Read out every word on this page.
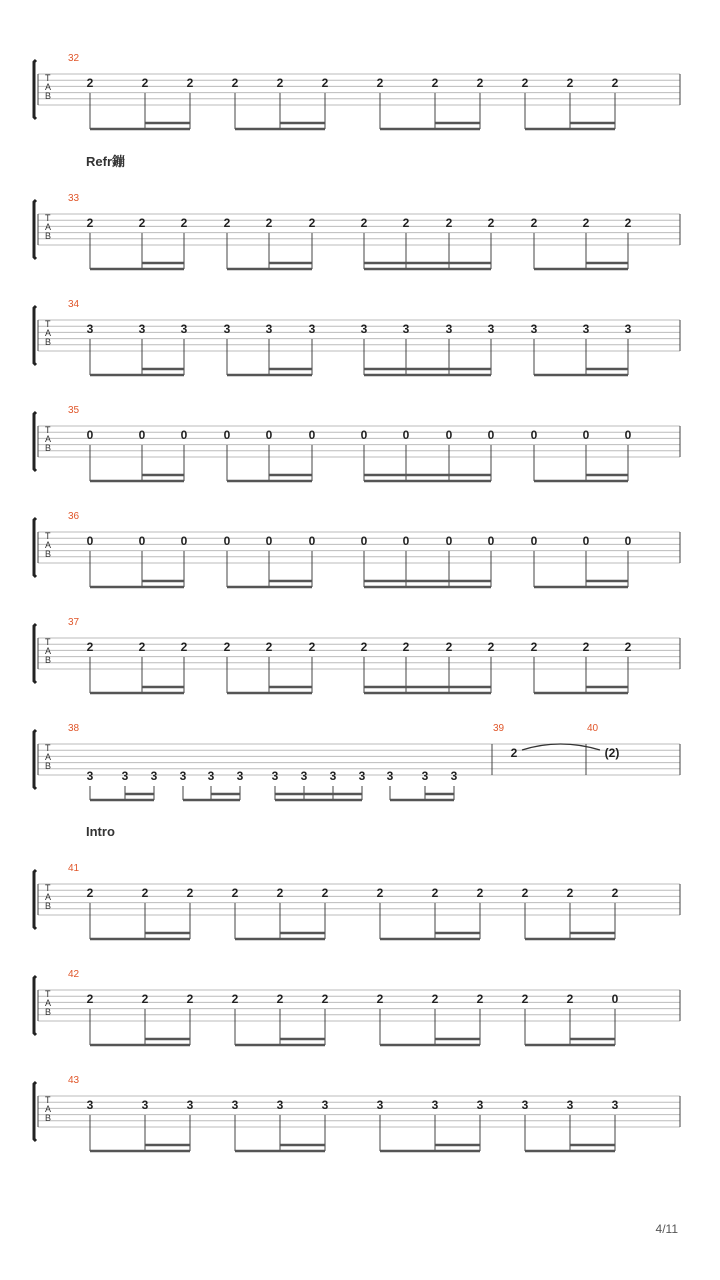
T
A
B
32
2	2	2	2	2	2	2	2	2	2	2	2
Refr鏰
T
A
B
33
2	2	2	2	2	2	2	2	2	2	2	2	2
T
A
B
34
3	3	3	3	3	3	3	3	3	3	3	3	3
T
A
B
35
0	0	0	0	0	0	0	0	0	0	0	0	0
T
A
B
36
0	0	0	0	0	0	0	0	0	0	0	0	0
T
A
B
37
2	2	2	2	2	2	2	2	2	2	2	2	2
T
A
B
38	39	40
3 3 3 3 3 3 3 3 3 3 3 3 3
2	(2)
Intro
T
A
B
41
2	2	2	2	2	2	2	2	2	2	2	2
T
A
B
42
2	2	2	2	2	2	2	2	2	2	2	0
T
A
B
43
3	3	3	3	3	3	3	3	3	3	3	3
4/11
